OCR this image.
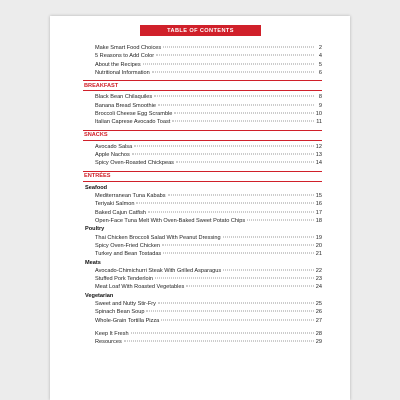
TABLE OF CONTENTS
Make Smart Food Choices	2
5 Reasons to Add Color	4
About the Recipes	5
Nutritional Information	6
BREAKFAST
Black Bean Chilaquiles	8
Banana Bread Smoothie	9
Broccoli Cheese Egg Scramble	10
Italian Caprese Avocado Toast	11
SNACKS
Avocado Salsa	12
Apple Nachos	13
Spicy Oven-Roasted Chickpeas	14
ENTRÉES
Seafood
Mediterranean Tuna Kababs	15
Teriyaki Salmon	16
Baked Cajun Catfish	17
Open-Face Tuna Melt With Oven-Baked Sweet Potato Chips	18
Poultry
Thai Chicken Broccoli Salad With Peanut Dressing	19
Spicy Oven-Fried Chicken	20
Turkey and Bean Tostadas	21
Meats
Avocado-Chimichurri Steak With Grilled Asparagus	22
Stuffed Pork Tenderloin	23
Meat Loaf With Roasted Vegetables	24
Vegetarian
Sweet and Nutty Stir-Fry	25
Spinach Bean Soup	26
Whole-Grain Tortilla Pizza	27
Keep It Fresh	28
Resources	29
